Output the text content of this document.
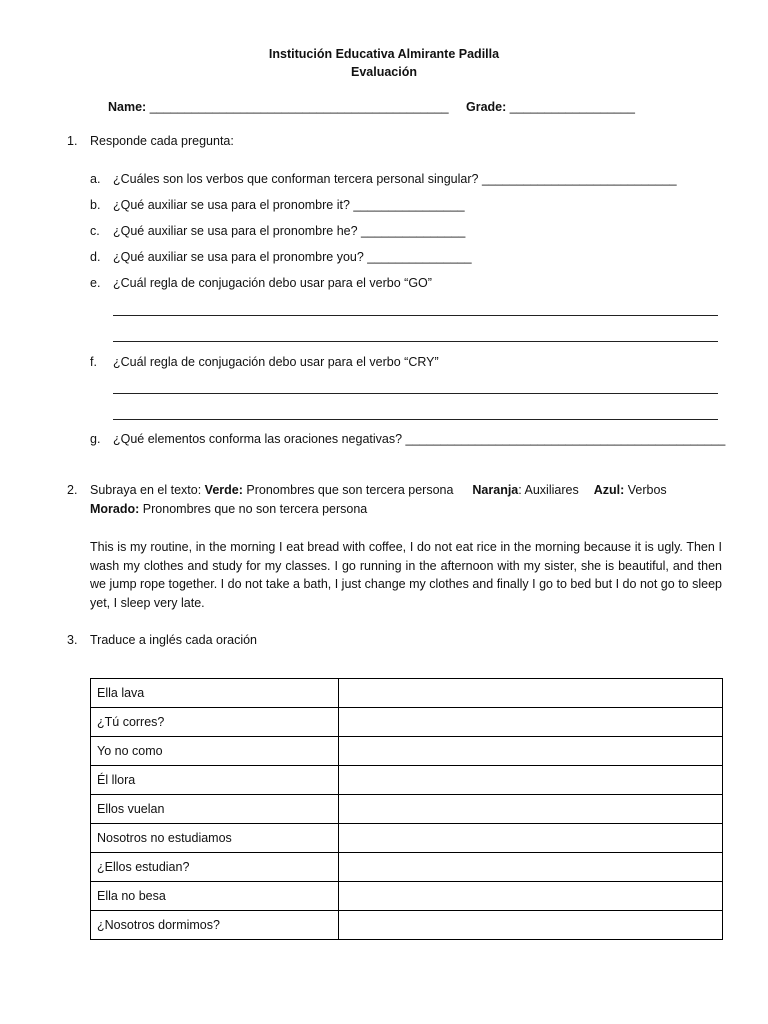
Institución Educativa Almirante Padilla
Evaluación
Name: ___________________________________________ Grade: __________________
1. Responde cada pregunta:
a. ¿Cuáles son los verbos que conforman tercera personal singular? ____________________________
b. ¿Qué auxiliar se usa para el pronombre it? ________________
c. ¿Qué auxiliar se usa para el pronombre he? _______________
d. ¿Qué auxiliar se usa para el pronombre you? _______________
e. ¿Cuál regla de conjugación debo usar para el verbo “GO”
f. ¿Cuál regla de conjugación debo usar para el verbo “CRY”
g. ¿Qué elementos conforma las oraciones negativas? ______________________________________________
2. Subraya en el texto: Verde: Pronombres que son tercera persona Naranja: Auxiliares Azul: Verbos
Morado: Pronombres que no son tercera persona
This is my routine, in the morning I eat bread with coffee, I do not eat rice in the morning because it is ugly. Then I wash my clothes and study for my classes. I go running in the afternoon with my sister, she is beautiful, and then we jump rope together. I do not take a bath, I just change my clothes and finally I go to bed but I do not go to sleep yet, I sleep very late.
3. Traduce a inglés cada oración
Ella lava	
¿Tú corres?	
Yo no como	
Él llora	
Ellos vuelan	
Nosotros no estudiamos	
¿Ellos estudian?	
Ella no besa	
¿Nosotros dormimos?	
